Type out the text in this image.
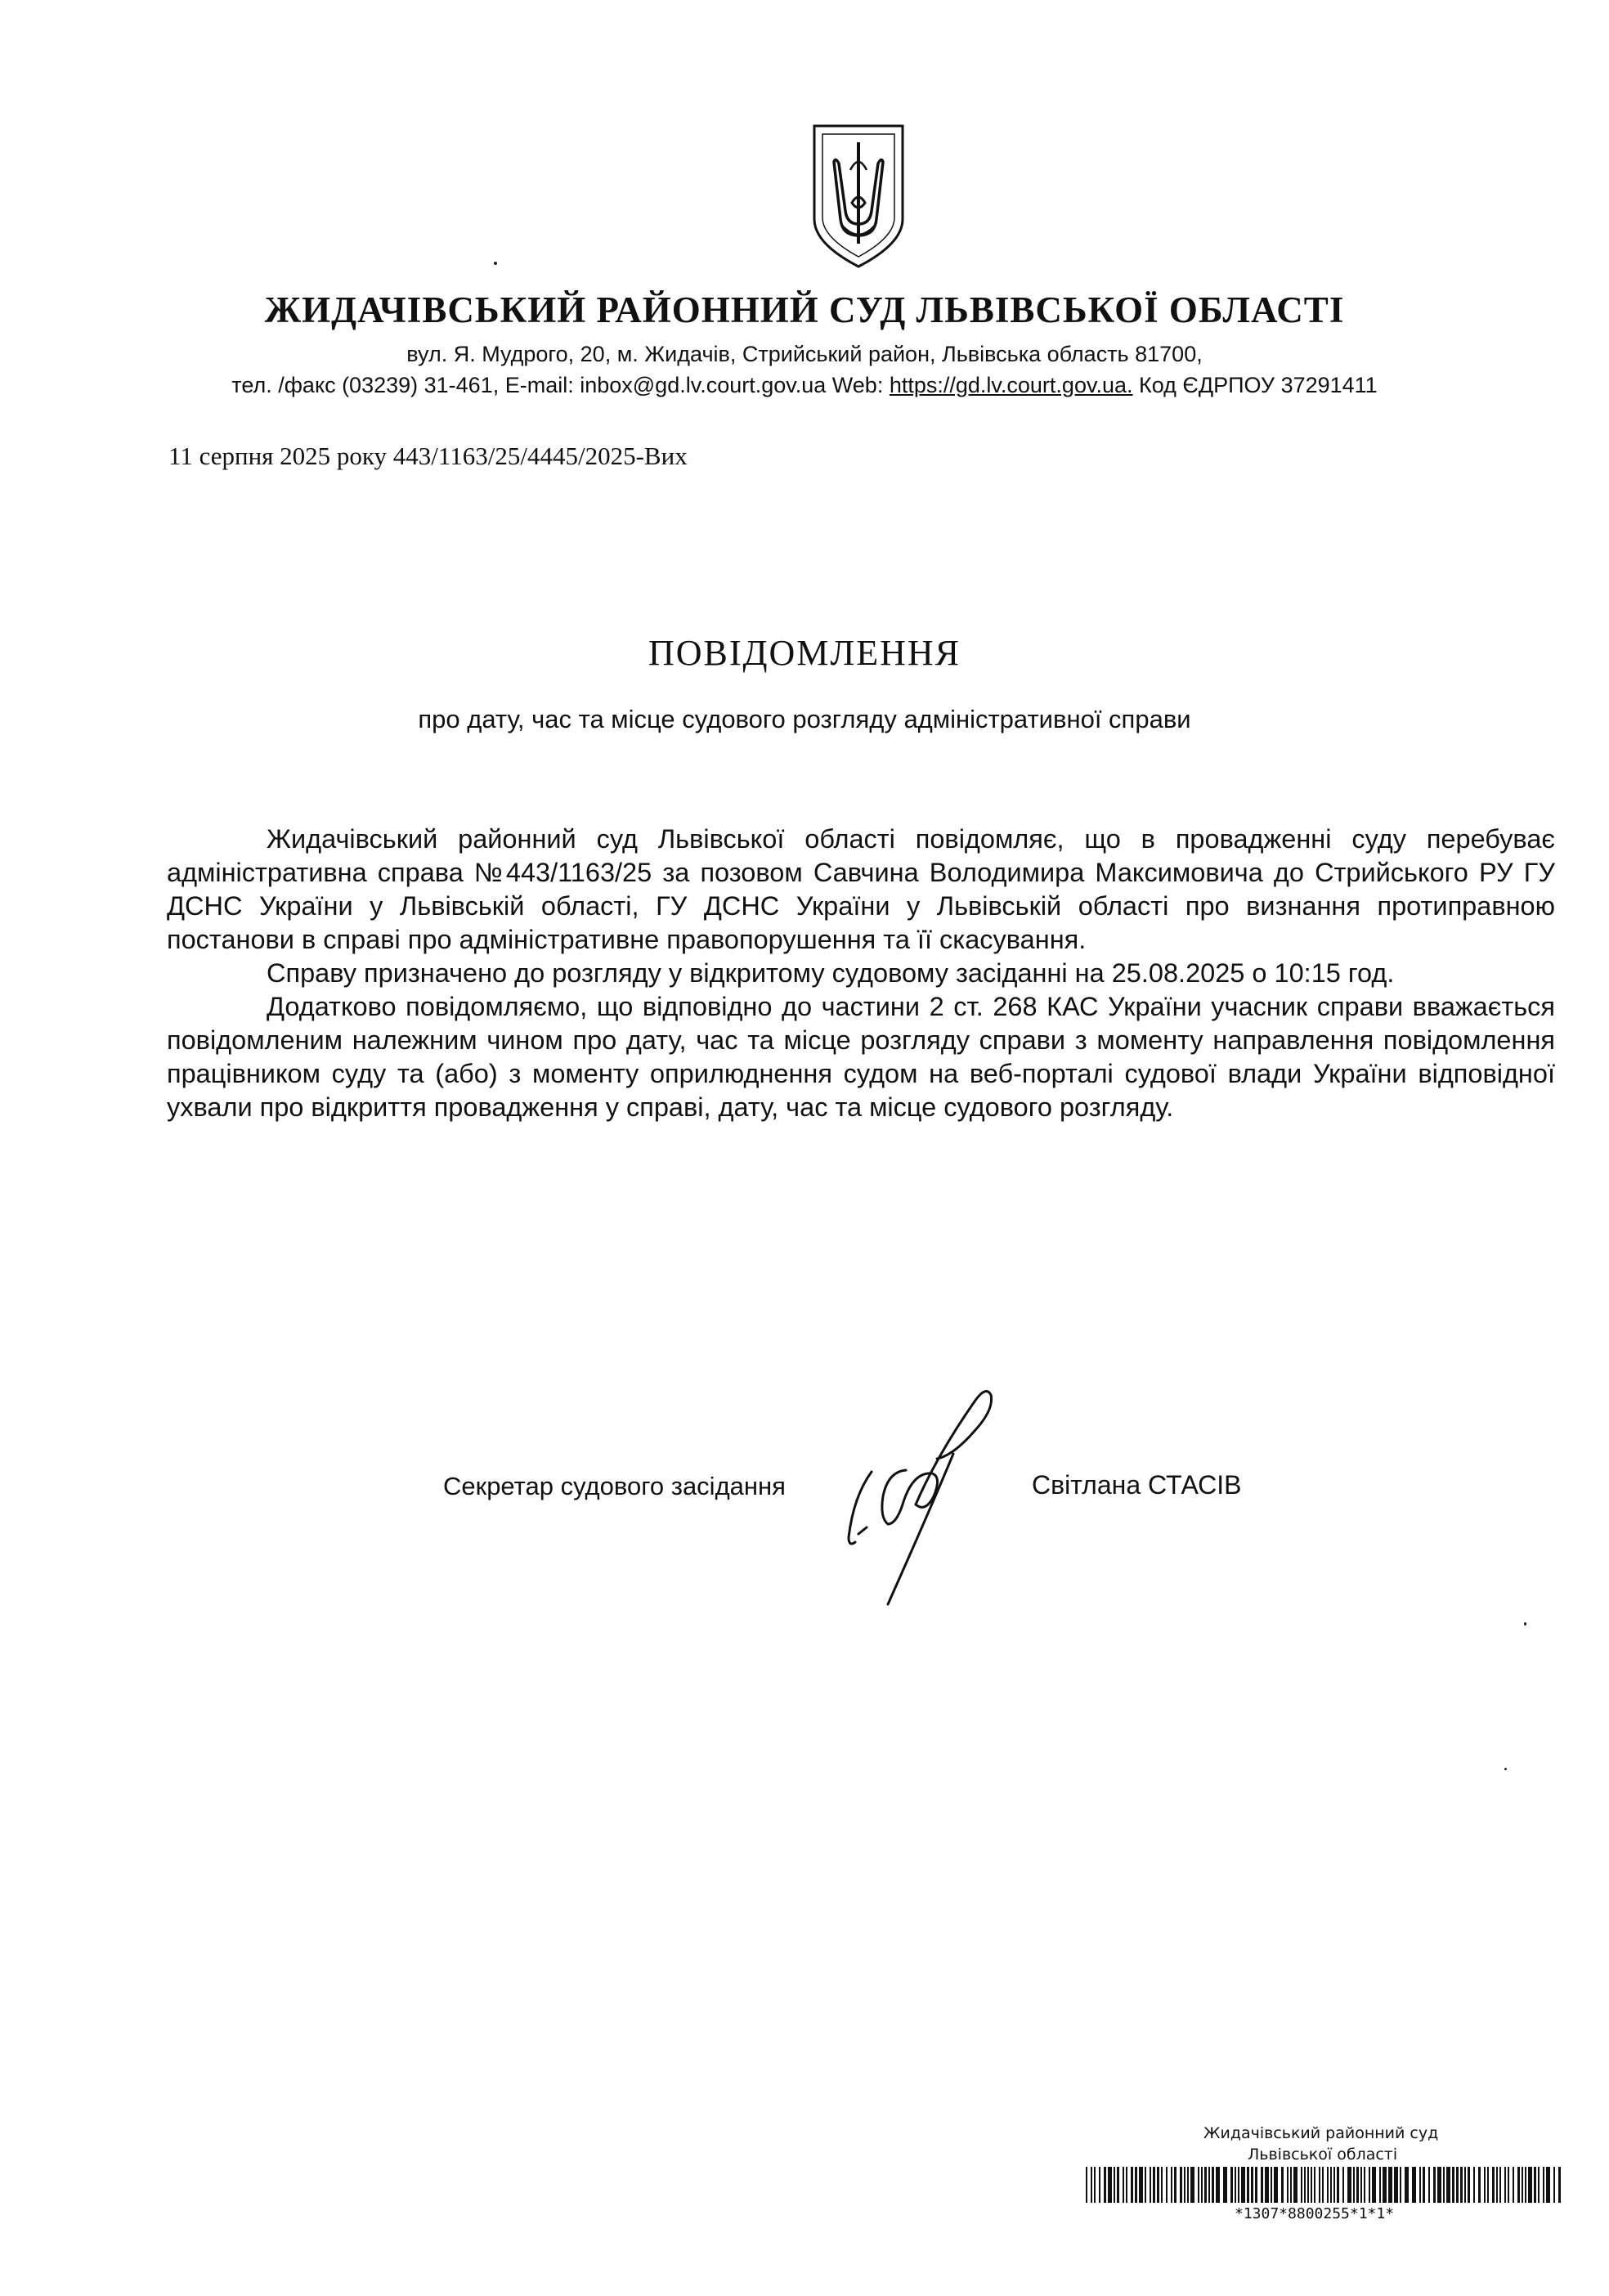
ЖИДАЧІВСЬКИЙ РАЙОННИЙ СУД ЛЬВІВСЬКОЇ ОБЛАСТІ
вул. Я. Мудрого, 20, м. Жидачів, Стрийський район, Львівська область 81700,
тел. /факс (03239) 31-461, E-mail: inbox@gd.lv.court.gov.ua Web: https://gd.lv.court.gov.ua. Код ЄДРПОУ 37291411
11 серпня 2025 року 443/1163/25/4445/2025-Вих
ПОВІДОМЛЕННЯ
про дату, час та місце судового розгляду адміністративної справи

Жидачівський районний суд Львівської області повідомляє, що в провадженні суду перебуває адміністративна справа №443/1163/25 за позовом Савчина Володимира Максимовича до Стрийського РУ ГУ ДСНС України у Львівській області, ГУ ДСНС України у Львівській області про визнання протиправною постанови в справі про адміністративне правопорушення та її скасування.

Справу призначено до розгляду у відкритому судовому засіданні на 25.08.2025 о 10:15 год.

Додатково повідомляємо, що відповідно до частини 2 ст. 268 КАС України учасник справи вважається повідомленим належним чином про дату, час та місце розгляду справи з моменту направлення повідомлення працівником суду та (або) з моменту оприлюднення судом на веб-порталі судової влади України відповідної ухвали про відкриття провадження у справі, дату, час та місце судового розгляду.

Секретар судового засідання	Світлана СТАСІВ
Жидачівський районний суд
Львівської області
*1307*8800255*1*1*
